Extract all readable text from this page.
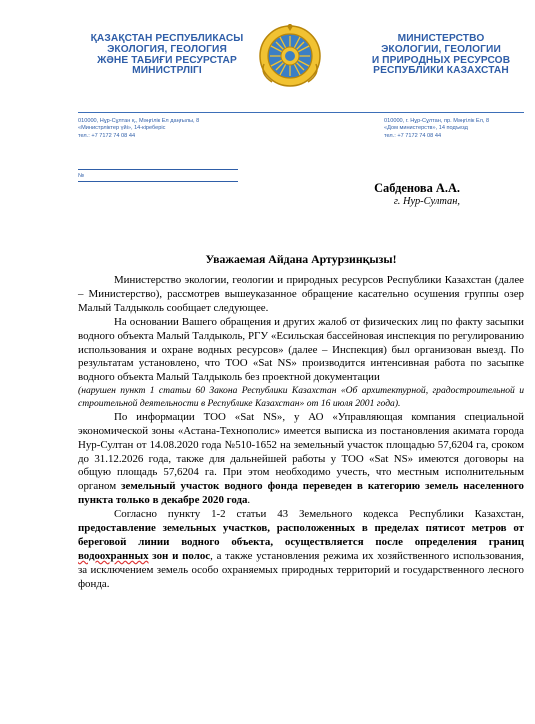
ҚАЗАҚСТАН РЕСПУБЛИКАСЫ
ЭКОЛОГИЯ, ГЕОЛОГИЯ
ЖӘНЕ ТАБИҒИ РЕСУРСТАР
МИНИСТРЛІГІ
МИНИСТЕРСТВО
ЭКОЛОГИИ, ГЕОЛОГИИ
И ПРИРОДНЫХ РЕСУРСОВ
РЕСПУБЛИКИ КАЗАХСТАН
010000, Нұр-Сұлтан қ., Мәңгілік Ел даңғылы, 8
«Министрліктер үйі», 14-кіреберіс
тел.: +7 7172 74 08 44
010000, г. Нұр-Сұлтан, пр. Мәңгілік Ел, 8
«Дом министерств», 14 подъезд
тел.: +7 7172 74 08 44
№
Сабденова А.А.
г. Нур-Султан,
Уважаемая Айдана Артурзинқызы!

Министерство экологии, геологии и природных ресурсов Республики Казахстан (далее – Министерство), рассмотрев вышеуказанное обращение касательно осушения группы озер Малый Талдыколь сообщает следующее.

На основании Вашего обращения и других жалоб от физических лиц по факту засыпки водного объекта Малый Талдыколь, РГУ «Есильская бассейновая инспекция по регулированию использования и охране водных ресурсов» (далее – Инспекция) был организован выезд. По результатам установлено, что ТОО «Sat NS» производится интенсивная работа по засыпке водного объекта Малый Талдыколь без проектной документации
(нарушен пункт 1 статьи 60 Закона Республики Казахстан «Об архитектурной, градостроительной и строительной деятельности в Республике Казахстан» от 16 июля 2001 года).

По информации ТОО «Sat NS», у АО «Управляющая компания специальной экономической зоны «Астана-Технополис» имеется выписка из постановления акимата города Нур-Султан от 14.08.2020 года №510-1652 на земельный участок площадью 57,6204 га, сроком до 31.12.2026 года, также для дальнейшей работы у ТОО «Sat NS» имеются договоры на общую площадь 57,6204 га. При этом необходимо учесть, что местным исполнительным органом земельный участок водного фонда переведен в категорию земель населенного пункта только в декабре 2020 года.

Согласно пункту 1-2 статьи 43 Земельного кодекса Республики Казахстан, предоставление земельных участков, расположенных в пределах пятисот метров от береговой линии водного объекта, осуществляется после определения границ водоохранных зон и полос, а также установления режима их хозяйственного использования, за исключением земель особо охраняемых природных территорий и государственного лесного фонда.
